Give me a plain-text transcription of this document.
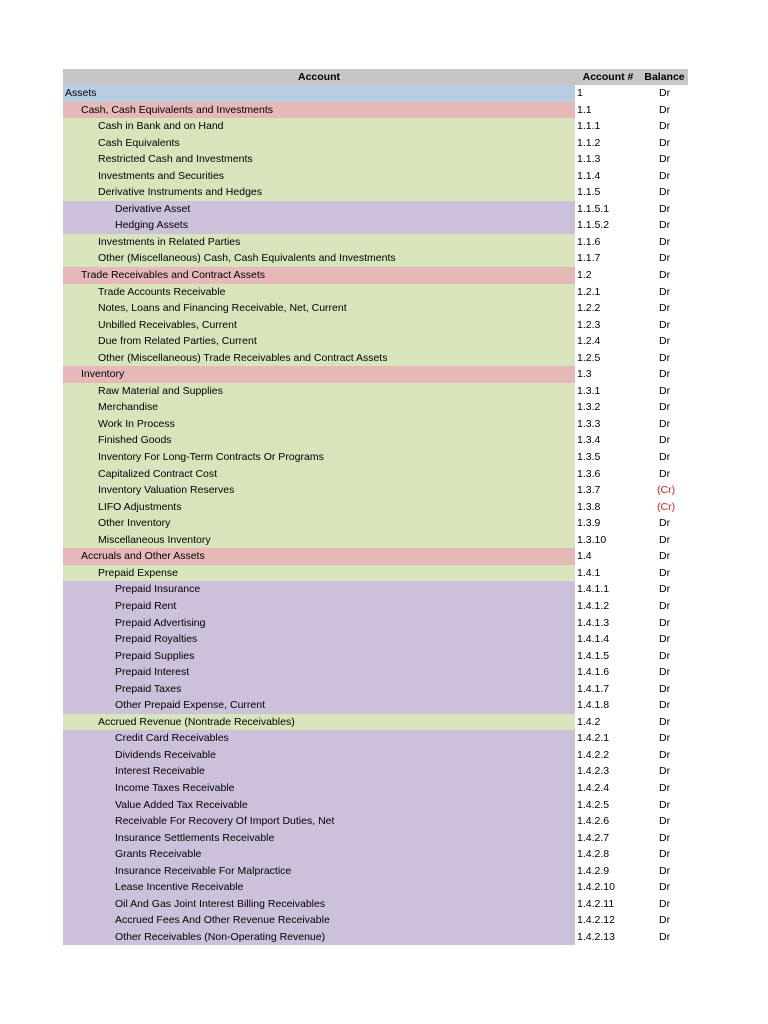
Account	Account #	Balance
Assets	1	Dr
Cash, Cash Equivalents and Investments	1.1	Dr
Cash in Bank and on Hand	1.1.1	Dr
Cash Equivalents	1.1.2	Dr
Restricted Cash and Investments	1.1.3	Dr
Investments and Securities	1.1.4	Dr
Derivative Instruments and Hedges	1.1.5	Dr
Derivative Asset	1.1.5.1	Dr
Hedging Assets	1.1.5.2	Dr
Investments in Related Parties	1.1.6	Dr
Other (Miscellaneous) Cash, Cash Equivalents and Investments	1.1.7	Dr
Trade Receivables and Contract Assets	1.2	Dr
Trade Accounts Receivable	1.2.1	Dr
Notes, Loans and Financing Receivable, Net, Current	1.2.2	Dr
Unbilled Receivables, Current	1.2.3	Dr
Due from Related Parties, Current	1.2.4	Dr
Other (Miscellaneous) Trade Receivables and Contract Assets	1.2.5	Dr
Inventory	1.3	Dr
Raw Material and Supplies	1.3.1	Dr
Merchandise	1.3.2	Dr
Work In Process	1.3.3	Dr
Finished Goods	1.3.4	Dr
Inventory For Long-Term Contracts Or Programs	1.3.5	Dr
Capitalized Contract Cost	1.3.6	Dr
Inventory Valuation Reserves	1.3.7	(Cr)
LIFO Adjustments	1.3.8	(Cr)
Other Inventory	1.3.9	Dr
Miscellaneous Inventory	1.3.10	Dr
Accruals and Other Assets	1.4	Dr
Prepaid Expense	1.4.1	Dr
Prepaid Insurance	1.4.1.1	Dr
Prepaid Rent	1.4.1.2	Dr
Prepaid Advertising	1.4.1.3	Dr
Prepaid Royalties	1.4.1.4	Dr
Prepaid Supplies	1.4.1.5	Dr
Prepaid Interest	1.4.1.6	Dr
Prepaid Taxes	1.4.1.7	Dr
Other Prepaid Expense, Current	1.4.1.8	Dr
Accrued Revenue (Nontrade Receivables)	1.4.2	Dr
Credit Card Receivables	1.4.2.1	Dr
Dividends Receivable	1.4.2.2	Dr
Interest Receivable	1.4.2.3	Dr
Income Taxes Receivable	1.4.2.4	Dr
Value Added Tax Receivable	1.4.2.5	Dr
Receivable For Recovery Of Import Duties, Net	1.4.2.6	Dr
Insurance Settlements Receivable	1.4.2.7	Dr
Grants Receivable	1.4.2.8	Dr
Insurance Receivable For Malpractice	1.4.2.9	Dr
Lease Incentive Receivable	1.4.2.10	Dr
Oil And Gas Joint Interest Billing Receivables	1.4.2.11	Dr
Accrued Fees And Other Revenue Receivable	1.4.2.12	Dr
Other Receivables (Non-Operating Revenue)	1.4.2.13	Dr
